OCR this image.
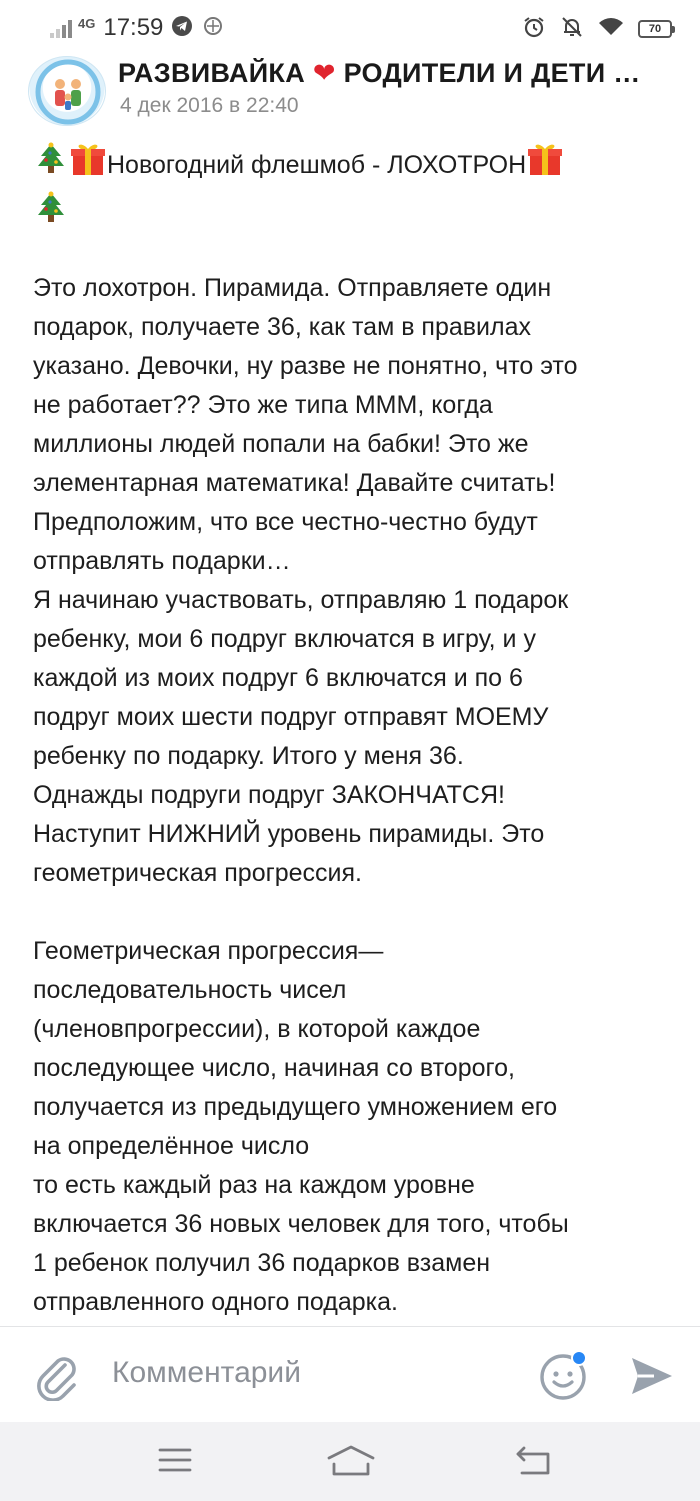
4G 17:59	70
РАЗВИВАЙКА ❤ РОДИТЕЛИ И ДЕТИ …
4 дек 2016 в 22:40
Новогодний флешмоб - ЛОХОТРОН
Это лохотрон. Пирамида. Отправляете один
подарок, получаете 36, как там в правилах
указано. Девочки, ну разве не понятно, что это
не работает?? Это же типа МММ, когда
миллионы людей попали на бабки! Это же
элементарная математика! Давайте считать!
Предположим, что все честно-честно будут
отправлять подарки…
Я начинаю участвовать, отправляю 1 подарок
ребенку, мои 6 подруг включатся в игру, и у
каждой из моих подруг 6 включатся и по 6
подруг моих шести подруг отправят МОЕМУ
ребенку по подарку. Итого у меня 36.
Однажды подруги подруг ЗАКОНЧАТСЯ!
Наступит НИЖНИЙ уровень пирамиды. Это
геометрическая прогрессия.
Геометрическая прогрессия—
последовательность чисел
(членовпрогрессии), в которой каждое
последующее число, начиная со второго,
получается из предыдущего умножением его
на определённое число
то есть каждый раз на каждом уровне
включается 36 новых человек для того, чтобы
1 ребенок получил 36 подарков взамен
отправленного одного подарка.
Комментарий
